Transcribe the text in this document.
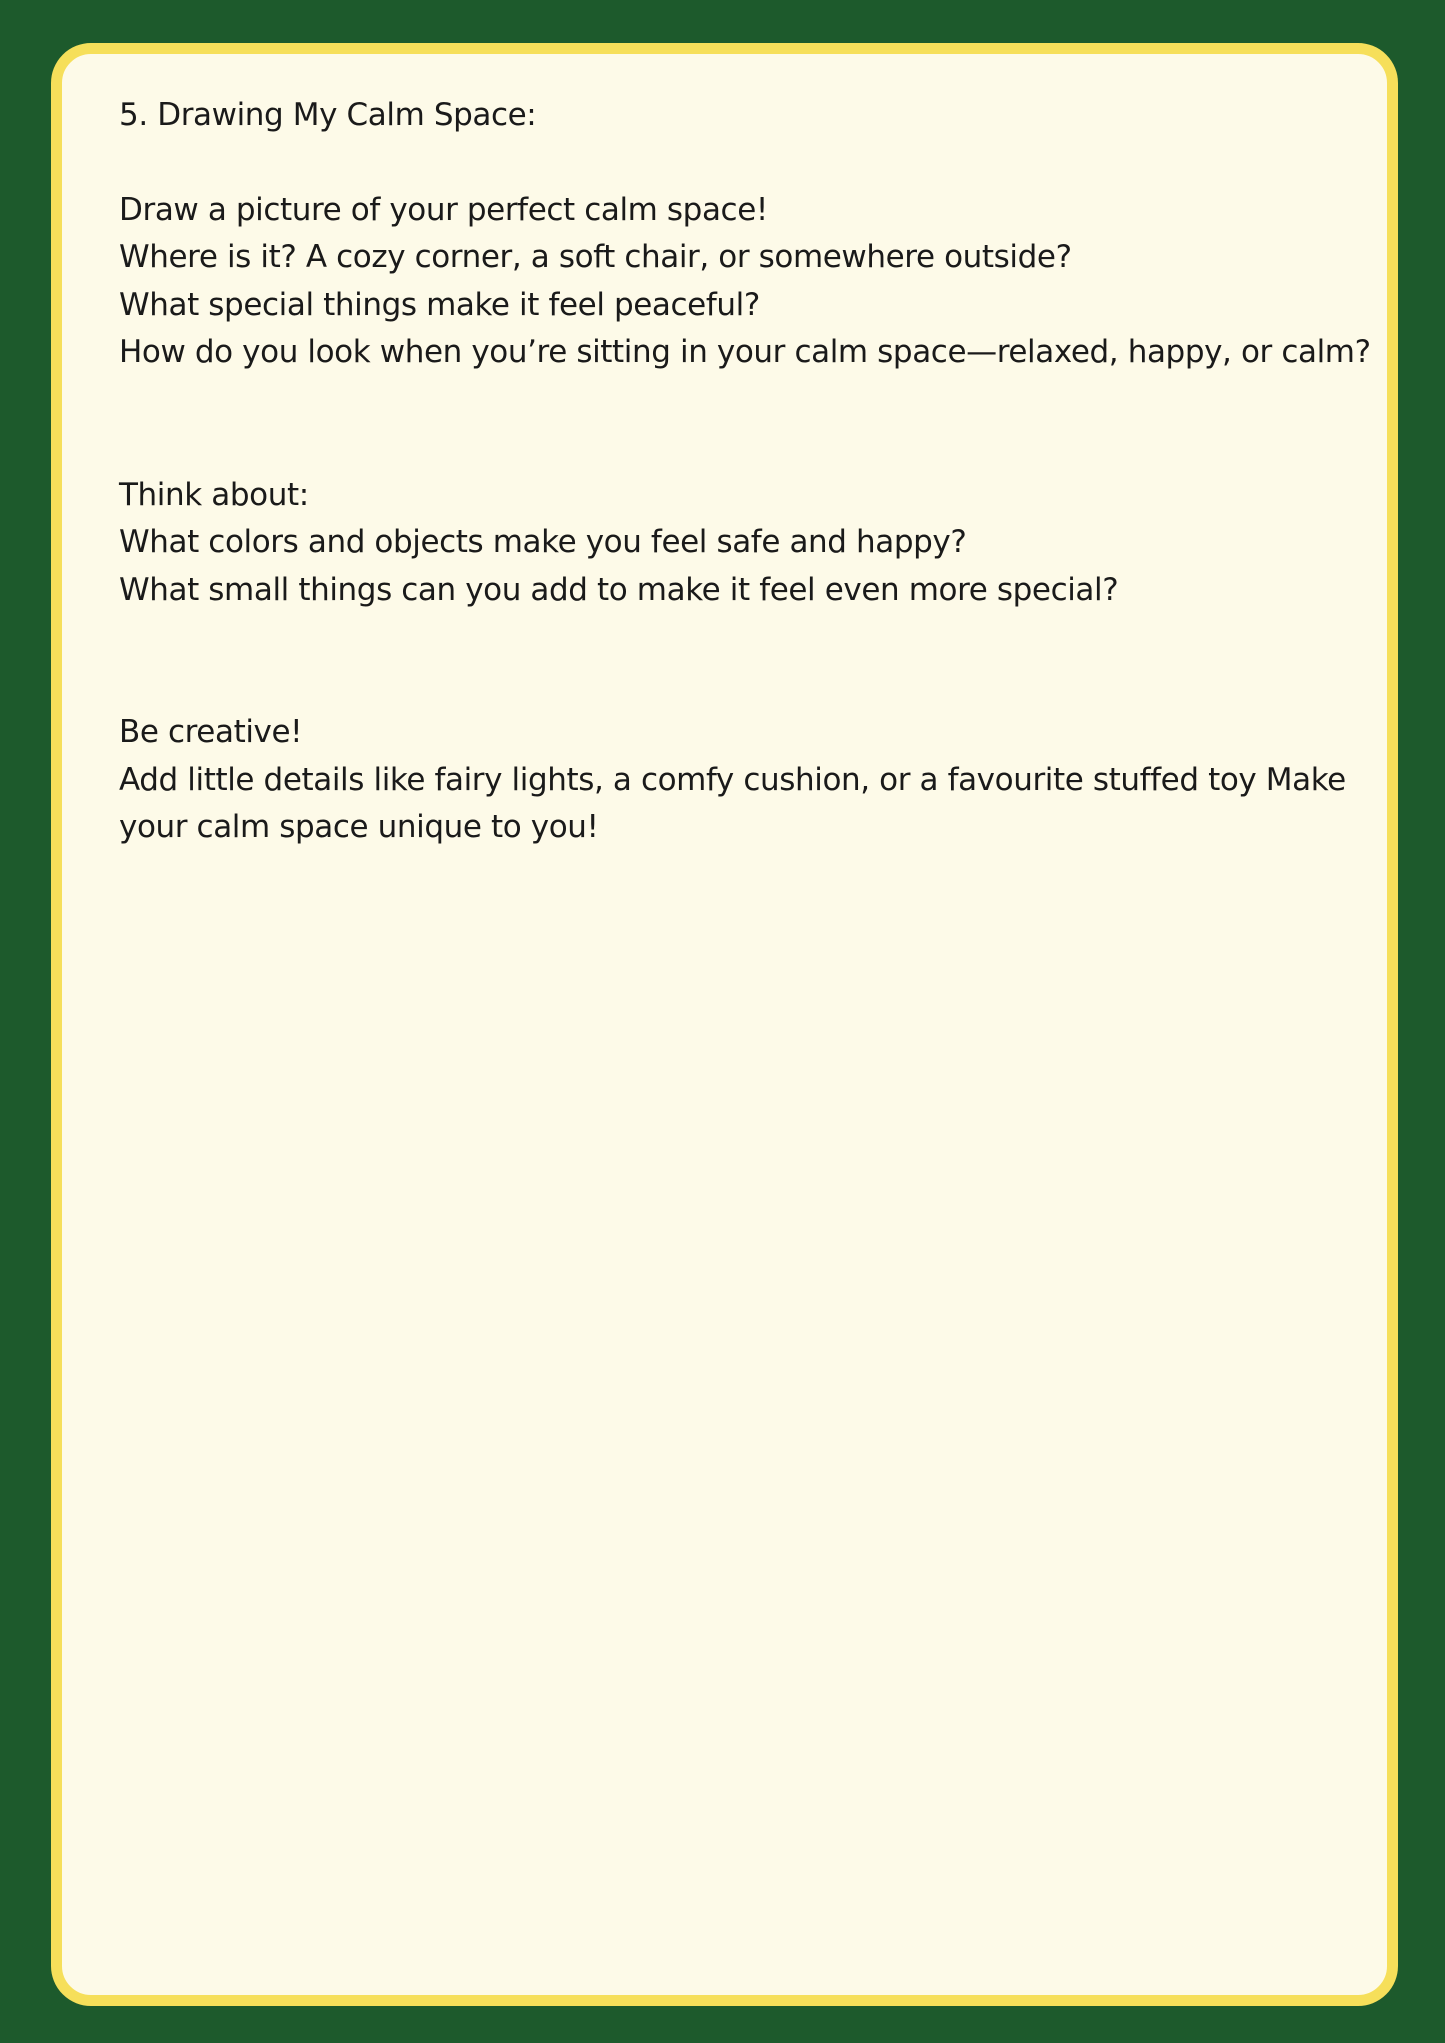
5. Drawing My Calm Space:
Draw a picture of your perfect calm space!
Where is it? A cozy corner, a soft chair, or somewhere outside?
What special things make it feel peaceful?
How do you look when you’re sitting in your calm space—relaxed, happy, or calm?
Think about:
What colors and objects make you feel safe and happy?
What small things can you add to make it feel even more special?
Be creative!
Add little details like fairy lights, a comfy cushion, or a favourite stuffed toy Make your calm space unique to you!
